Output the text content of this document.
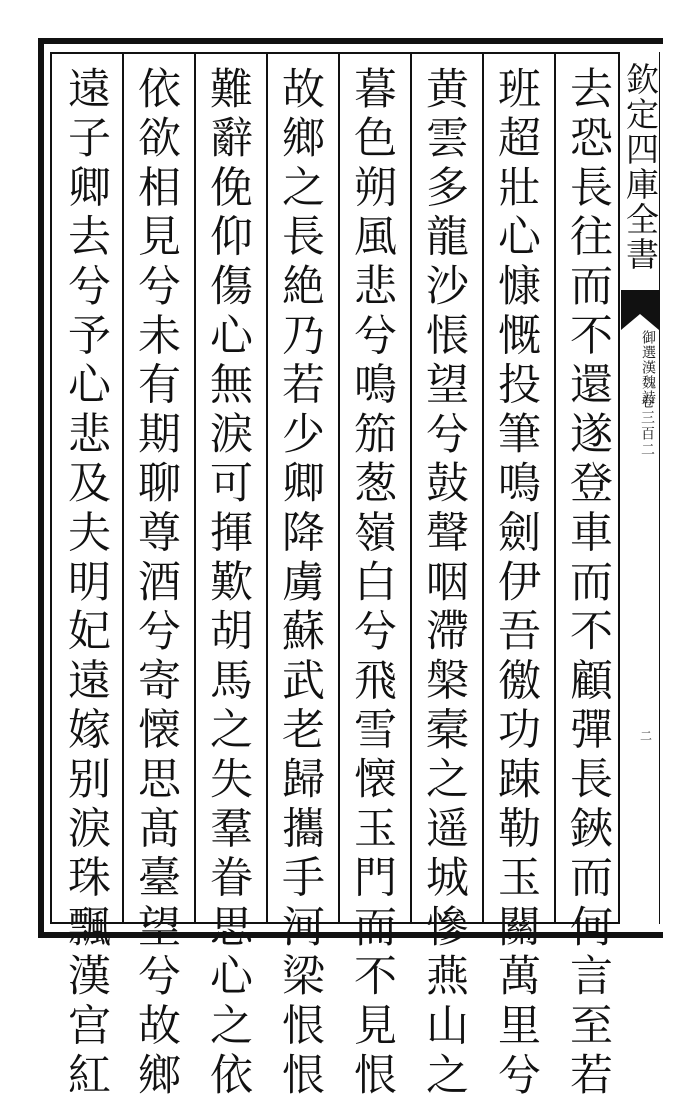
去恐長往而不還遂登車而不顧彈長鋏而何言至若
班超壯心慷慨投筆鳴劍伊吾徼功踈勒玉關萬里兮
黄雲多龍沙悵望兮鼔聲咽滯槃槖之遥城慘燕山之
暮色朔風悲兮鳴笳葱嶺白兮飛雪懐玉門而不見恨
故鄉之長絶乃若少卿降虜蘇武老歸攜手河梁恨恨
難辭俛仰傷心無淚可揮歎胡馬之失羣眷思心之依
依欲相見兮未有期聊尊酒兮寄懐思髙臺望兮故鄉
遠子卿去兮予心悲及夫明妃遠嫁别淚珠飄漢宫紅	欽定四庫全書
御選漢魏詩
卷三百二
二
